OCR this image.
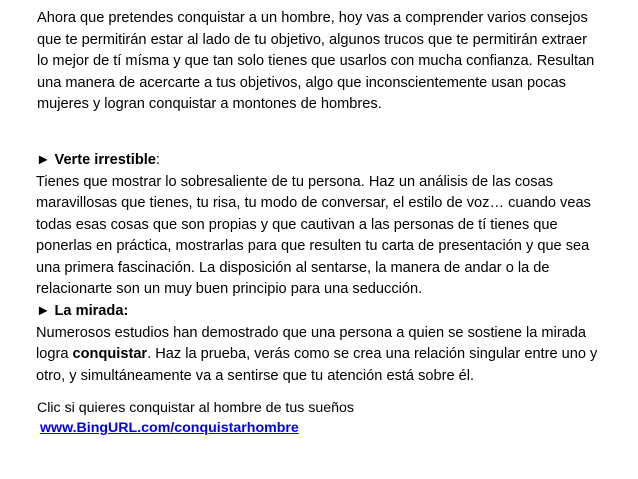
Ahora que pretendes conquistar a un hombre, hoy vas a comprender varios consejos
que te permitirán estar al lado de tu objetivo, algunos trucos que te permitirán extraer
lo mejor de tí mísma y que tan solo tienes que usarlos con mucha confianza. Resultan
una manera de acercarte a tus objetivos, algo que inconscientemente usan pocas
mujeres y logran conquistar a montones de hombres.
► Verte irrestible:
Tienes que mostrar lo sobresaliente de tu persona. Haz un análisis de las cosas
maravillosas que tienes, tu risa, tu modo de conversar, el estilo de voz… cuando veas
todas esas cosas que son propias y que cautivan a las personas de tí tienes que
ponerlas en práctica, mostrarlas para que resulten tu carta de presentación y que sea
una primera fascinación. La disposición al sentarse, la manera de andar o la de
relacionarte son un muy buen principio para una seducción.
► La mirada:
Numerosos estudios han demostrado que una persona a quien se sostiene la mirada
logra conquistar. Haz la prueba, verás como se crea una relación singular entre uno y
otro, y simultáneamente va a sentirse que tu atención está sobre él.
Clic si quieres conquistar al hombre de tus sueños
www.BingURL.com/conquistarhombre
